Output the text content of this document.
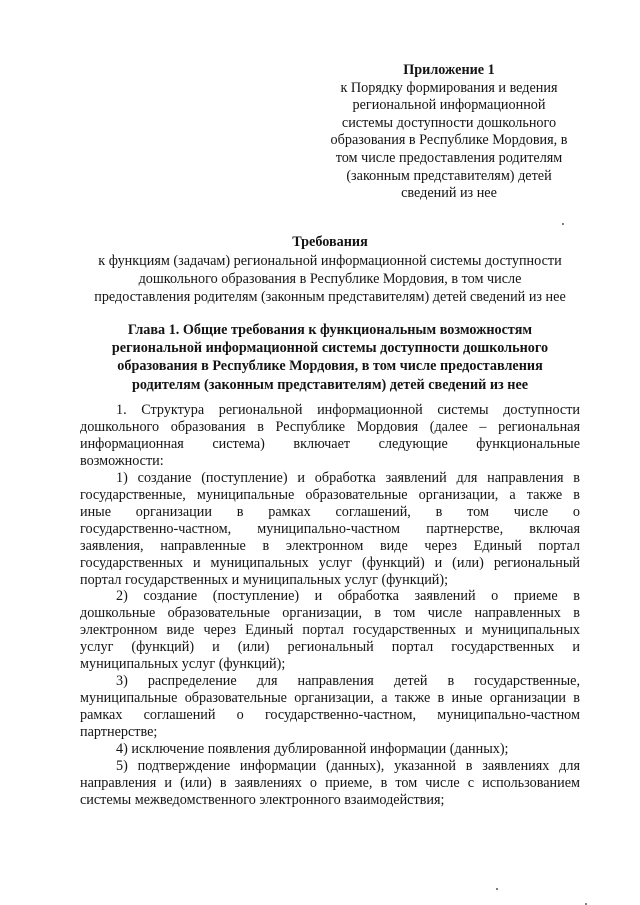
Приложение 1
к Порядку формирования и ведения
региональной информационной
системы доступности дошкольного
образования в Республике Мордовия, в
том числе предоставления родителям
(законным представителям) детей
сведений из нее
Требования
к функциям (задачам) региональной информационной системы доступности
дошкольного образования в Республике Мордовия, в том числе
предоставления родителям (законным представителям) детей сведений из нее
Глава 1. Общие требования к функциональным возможностям
региональной информационной системы доступности дошкольного
образования в Республике Мордовия, в том числе предоставления
родителям (законным представителям) детей сведений из нее
1. Структура региональной информационной системы доступности
дошкольного образования в Республике Мордовия (далее – региональная
информационная система) включает следующие функциональные
возможности:
1) создание (поступление) и обработка заявлений для направления в
государственные, муниципальные образовательные организации, а также в
иные организации в рамках соглашений, в том числе о
государственно-частном, муниципально-частном партнерстве, включая
заявления, направленные в электронном виде через Единый портал
государственных и муниципальных услуг (функций) и (или) региональный
портал государственных и муниципальных услуг (функций);
2) создание (поступление) и обработка заявлений о приеме в
дошкольные образовательные организации, в том числе направленных в
электронном виде через Единый портал государственных и муниципальных
услуг (функций) и (или) региональный портал государственных и
муниципальных услуг (функций);
3) распределение для направления детей в государственные,
муниципальные образовательные организации, а также в иные организации в
рамках соглашений о государственно-частном, муниципально-частном
партнерстве;
4) исключение появления дублированной информации (данных);
5) подтверждение информации (данных), указанной в заявлениях для
направления и (или) в заявлениях о приеме, в том числе с использованием
системы межведомственного электронного взаимодействия;
